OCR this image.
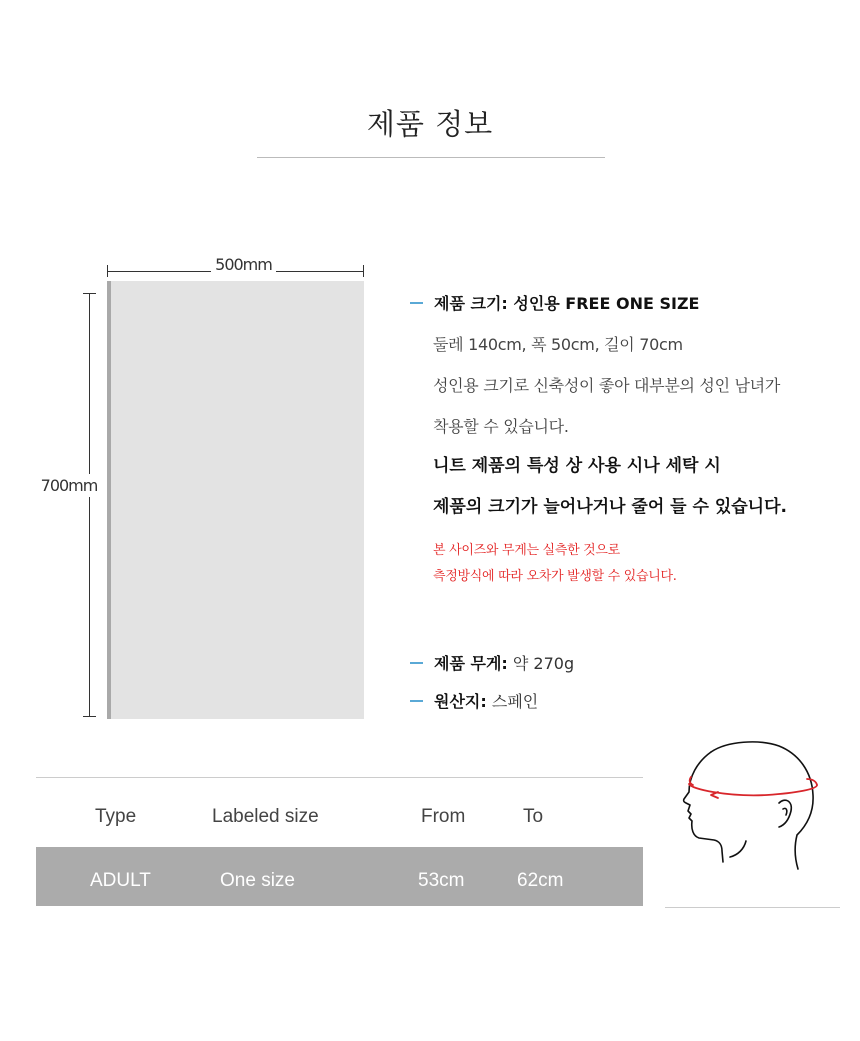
제품 정보
500mm
700mm
제품 크기: 성인용 FREE ONE SIZE
둘레 140cm, 폭 50cm, 길이 70cm
성인용 크기로 신축성이 좋아 대부분의 성인 남녀가
착용할 수 있습니다.
니트 제품의 특성 상 사용 시나 세탁 시
제품의 크기가 늘어나거나 줄어 들 수 있습니다.
본 사이즈와 무게는 실측한 것으로
측정방식에 따라 오차가 발생할 수 있습니다.
제품 무게: 약 270g
원산지: 스페인
Type	Labeled size	From	To
ADULT	One size	53cm	62cm
